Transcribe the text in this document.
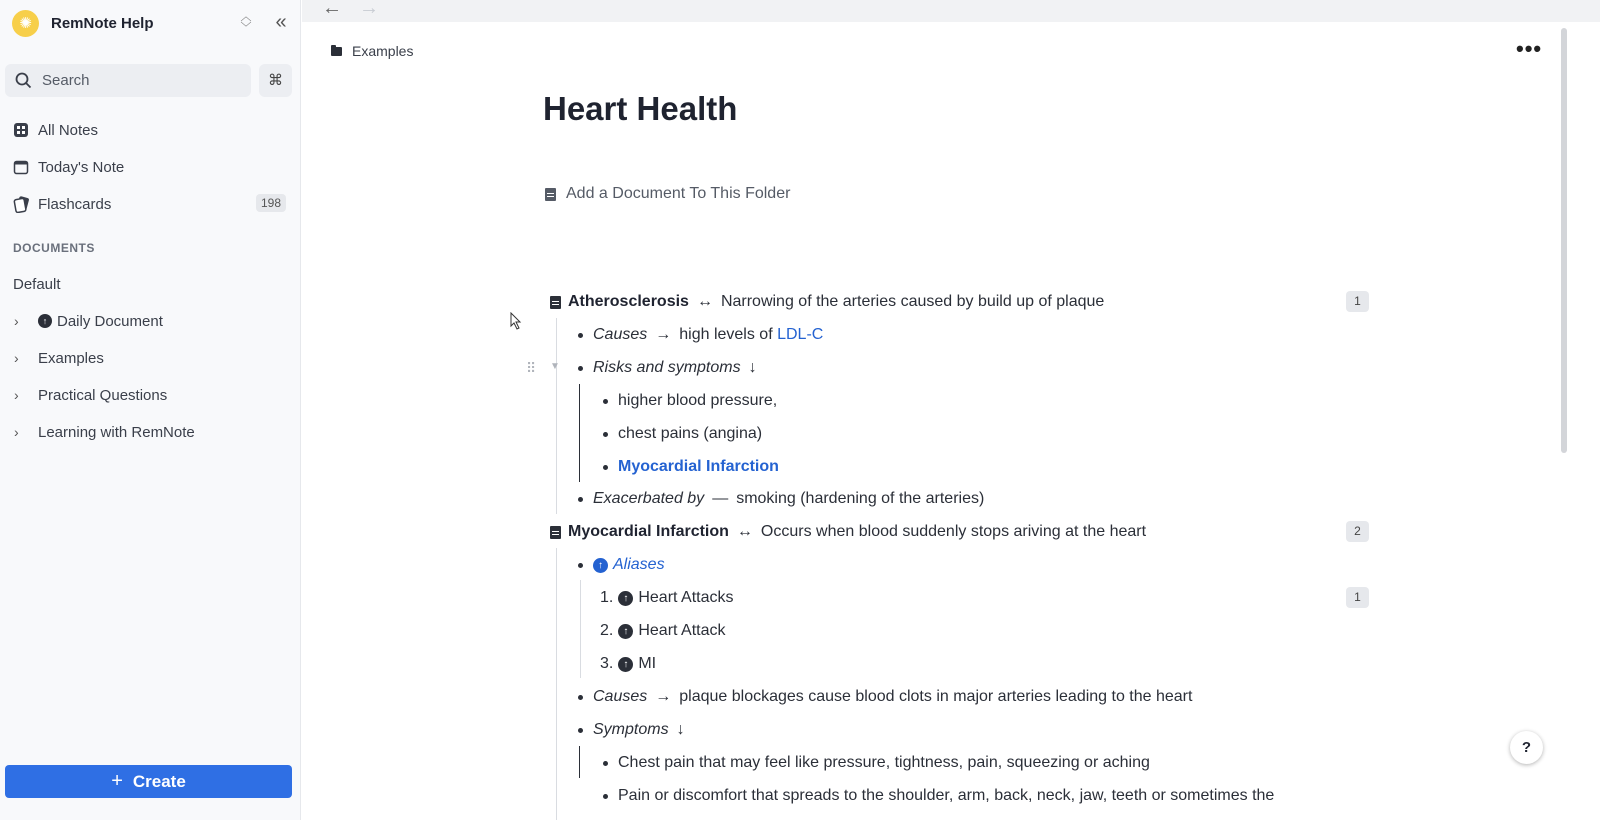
✺	RemNote Help	︿
﹀ «
Search	⌘
All Notes
Today's Note
Flashcards	198
DOCUMENTS
Default
›	↑ Daily Document
›	Examples
›	Practical Questions
›	Learning with RemNote
+ Create
← →
Examples	•••
Heart Health
Add a Document To This Folder
Atherosclerosis ↔ Narrowing of the arteries caused by build up of plaque	1
Causes → high levels of LDL-C
⠿ ▼ Risks and symptoms ↓
higher blood pressure,
chest pains (angina)
Myocardial Infarction
Exacerbated by — smoking (hardening of the arteries)
Myocardial Infarction ↔ Occurs when blood suddenly stops ariving at the heart	2
↑ Aliases
1.	↑ Heart Attacks	1
2.	↑ Heart Attack
3.	↑ MI
Causes → plaque blockages cause blood clots in major arteries leading to the heart
Symptoms ↓
Chest pain that may feel like pressure, tightness, pain, squeezing or aching
Pain or discomfort that spreads to the shoulder, arm, back, neck, jaw, teeth or sometimes the
?
